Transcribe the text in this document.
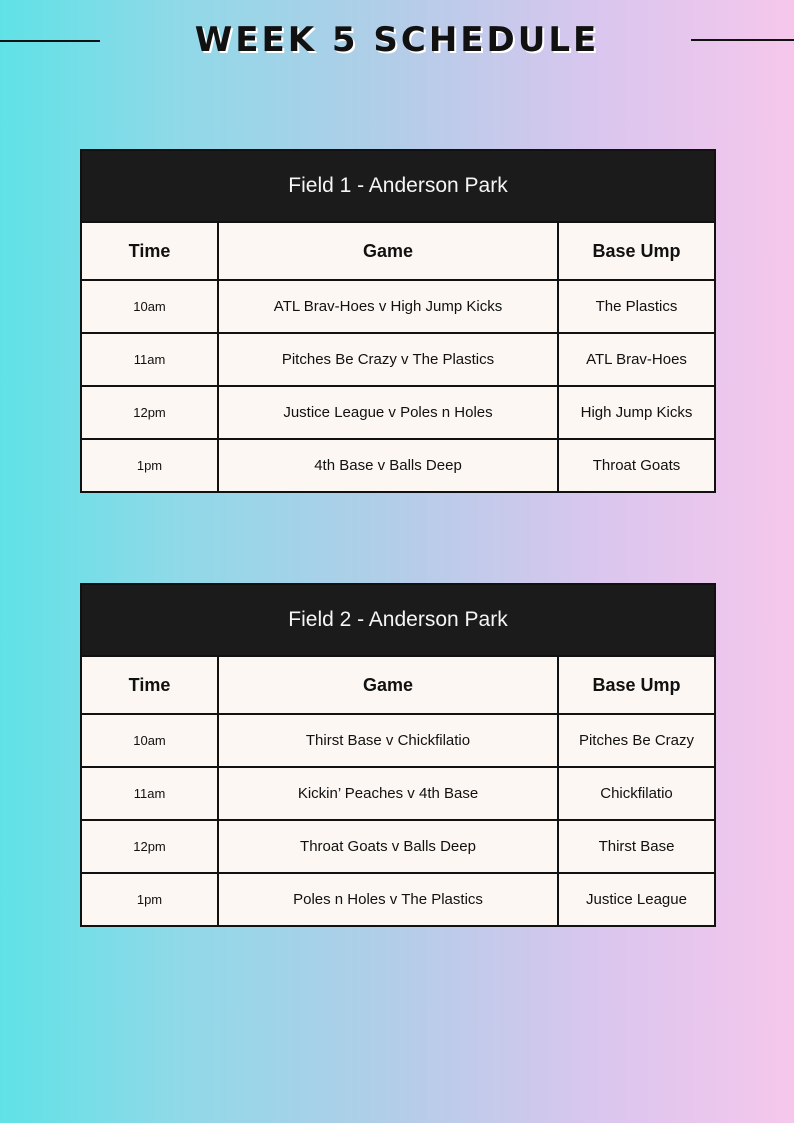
WEEK 5 SCHEDULE
Field 1 - Anderson Park		
Time	Game	Base Ump
10am	ATL Brav-Hoes v High Jump Kicks	The Plastics
11am	Pitches Be Crazy v The Plastics	ATL Brav-Hoes
12pm	Justice League v Poles n Holes	High Jump Kicks
1pm	4th Base v Balls Deep	Throat Goats
Field 2 - Anderson Park		
Time	Game	Base Ump
10am	Thirst Base v Chickfilatio	Pitches Be Crazy
11am	Kickin’ Peaches v 4th Base	Chickfilatio
12pm	Throat Goats v Balls Deep	Thirst Base
1pm	Poles n Holes v The Plastics	Justice League
